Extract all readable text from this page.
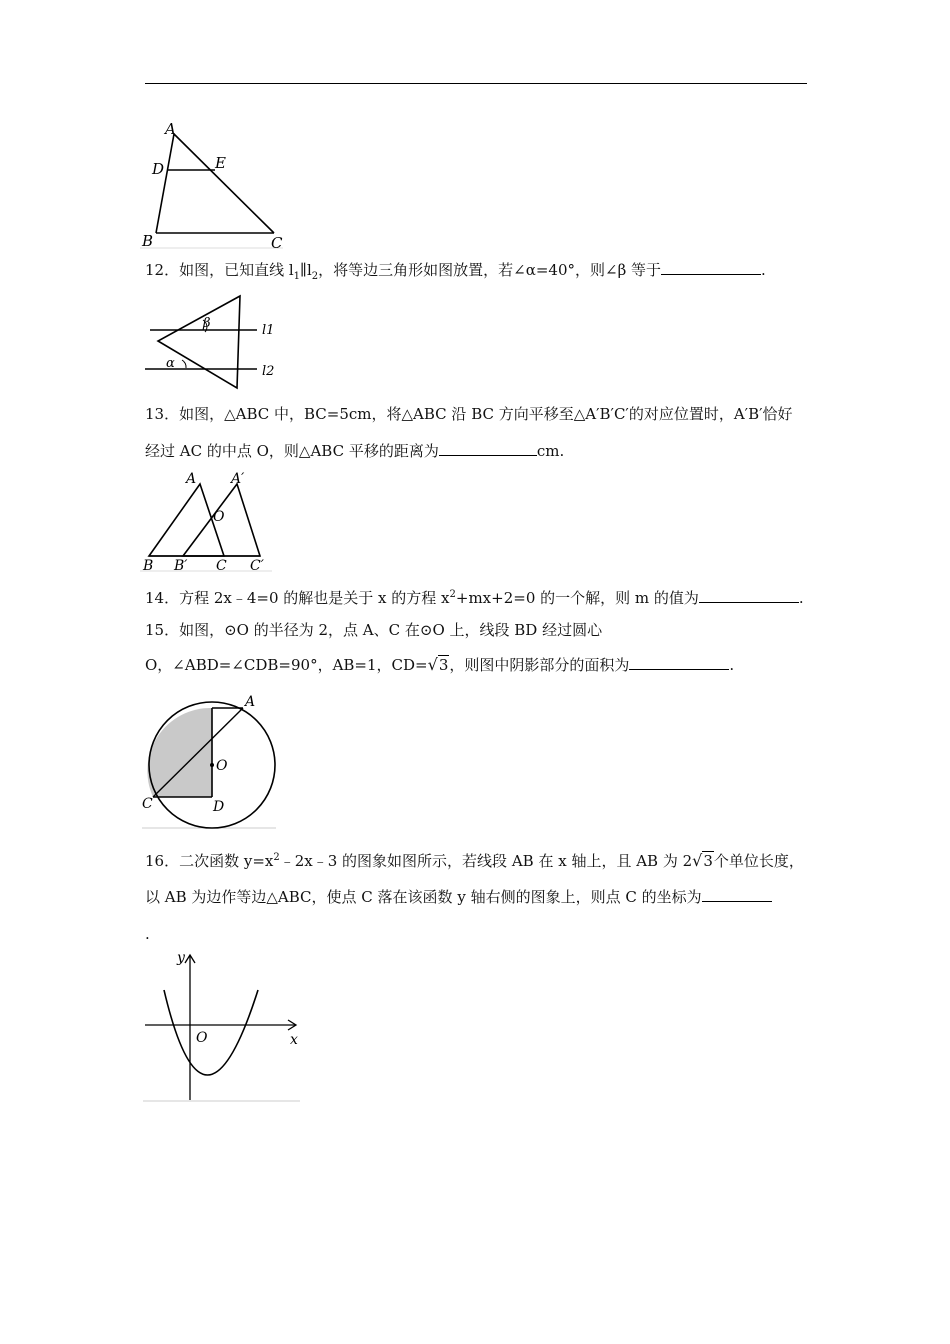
A
D	E
B	C
12．如图，已知直线 $l_1\parallel l_2$，将等边三角形如图放置，若∠α=40°，则∠β 等于	.
β	l1
α
l2
13．如图，△ABC 中，BC=5cm，将△ABC 沿 BC 方向平移至△A′B′C′的对应位置时，A′B′恰好
经过 AC 的中点 O，则△ABC 平移的距离为	cm.
A A′
O
B B′ C C′
14．方程 2x﹣4=0 的解也是关于 x 的方程 $x^2+mx+2=0$ 的一个解，则 m 的值为	.
15．如图，⊙O 的半径为 2，点 A、C 在⊙O 上，线段 BD 经过圆心
O，∠ABD=∠CDB=90°，AB=1，CD=√3，则图中阴影部分的面积为	.
A
O
C	D
16．二次函数 $y=x^2﹣2x﹣3$ 的图象如图所示，若线段 AB 在 x 轴上，且 AB 为 2√3个单位长度，
以 AB 为边作等边△ABC，使点 C 落在该函数 y 轴右侧的图象上，则点 C 的坐标为
.
y
x
O
